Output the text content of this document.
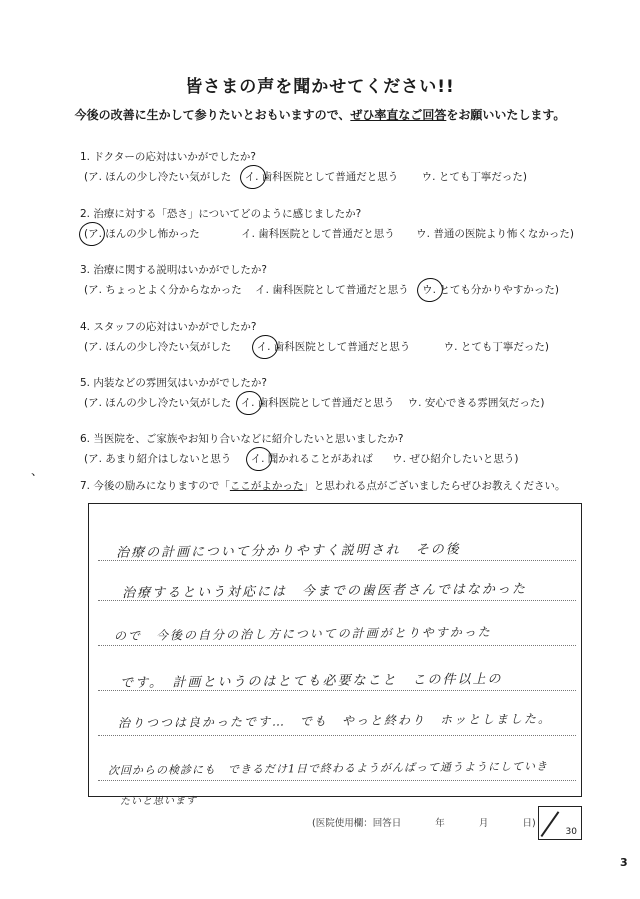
皆さまの声を聞かせてください!!
今後の改善に生かして参りたいとおもいますので、ぜひ率直なご回答をお願いいたします。
1. ドクターの応対はいかがでしたか?
(ア. ほんの少し冷たい気がした イ. 歯科医院として普通だと思う ウ. とても丁寧だった)
2. 治療に対する「恐さ」についてどのように感じましたか?
(ア. ほんの少し怖かった	イ. 歯科医院として普通だと思う ウ. 普通の医院より怖くなかった)
3. 治療に関する説明はいかがでしたか?
(ア. ちょっとよく分からなかった イ. 歯科医院として普通だと思う ウ. とても分かりやすかった)
4. スタッフの応対はいかがでしたか?
(ア. ほんの少し冷たい気がした イ. 歯科医院として普通だと思う	ウ. とても丁寧だった)
5. 内装などの雰囲気はいかがでしたか?
(ア. ほんの少し冷たい気がした イ. 歯科医院として普通だと思う ウ. 安心できる雰囲気だった)
6. 当医院を、ご家族やお知り合いなどに紹介したいと思いましたか?
(ア. あまり紹介はしないと思う イ. 聞かれることがあれば ウ. ぜひ紹介したいと思う)
、
7. 今後の励みになりますので「ここがよかった」と思われる点がございましたらぜひお教えください。
治療の計画について分かりやすく説明され　その後
治療するという対応には　今までの歯医者さんではなかった
ので　今後の自分の治し方についての計画がとりやすかった
です。　計画というのはとても必要なこと　この件以上の
治りつつは良かったです…　でも　やっと終わり　ホッとしました。
次回からの検診にも　できるだけ1日で終わるようがんばって通うようにしていき
たいと思います
(医院使用欄：回答日	年	月	日)
30
3
